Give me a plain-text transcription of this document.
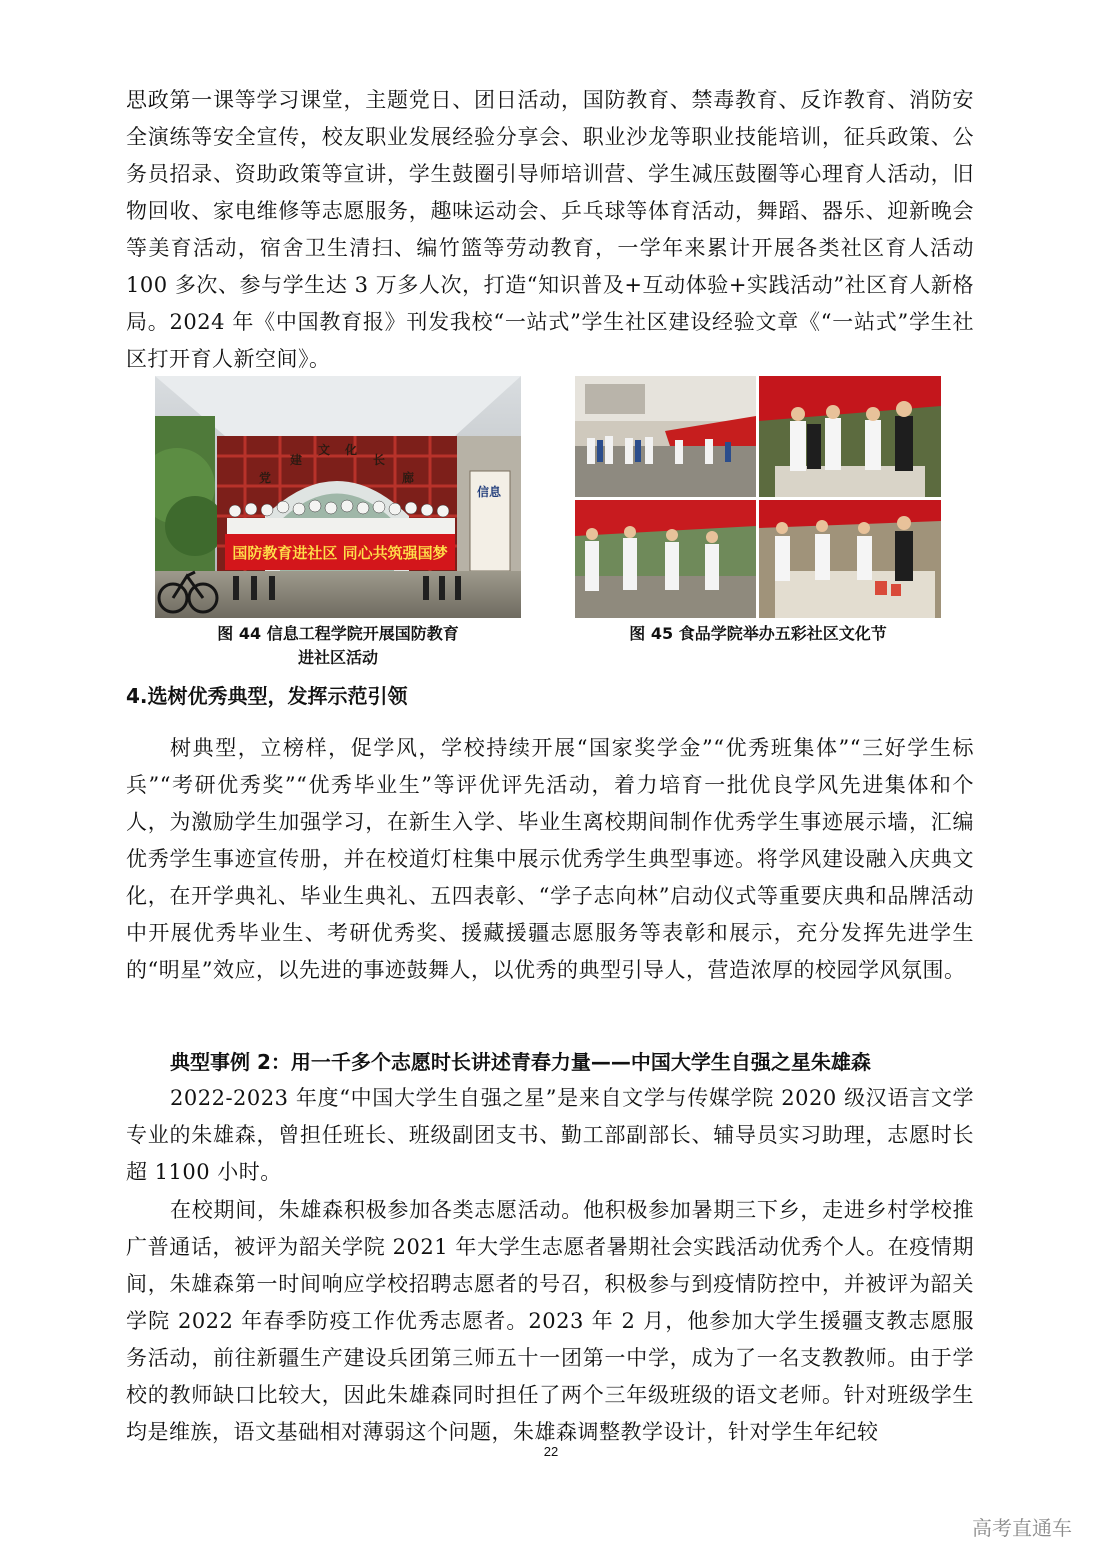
思政第一课等学习课堂，主题党日、团日活动，国防教育、禁毒教育、反诈教育、消防安全演练等安全宣传，校友职业发展经验分享会、职业沙龙等职业技能培训，征兵政策、公务员招录、资助政策等宣讲，学生鼓圈引导师培训营、学生减压鼓圈等心理育人活动，旧物回收、家电维修等志愿服务，趣味运动会、乒乓球等体育活动，舞蹈、器乐、迎新晚会等美育活动，宿舍卫生清扫、编竹篮等劳动教育，一学年来累计开展各类社区育人活动 100 多次、参与学生达 3 万多人次，打造“知识普及+互动体验+实践活动”社区育人新格局。2024 年《中国教育报》刊发我校“一站式”学生社区建设经验文章《“一站式”学生社区打开育人新空间》。

党
建
文 化
长
廊
信息
国防教育进社区 同心共筑强国梦

图 44 信息工程学院开展国防教育

进社区活动

图 45 食品学院举办五彩社区文化节

4.选树优秀典型，发挥示范引领

树典型，立榜样，促学风，学校持续开展“国家奖学金”“优秀班集体”“三好学生标兵”“考研优秀奖”“优秀毕业生”等评优评先活动，着力培育一批优良学风先进集体和个人，为激励学生加强学习，在新生入学、毕业生离校期间制作优秀学生事迹展示墙，汇编优秀学生事迹宣传册，并在校道灯柱集中展示优秀学生典型事迹。将学风建设融入庆典文化，在开学典礼、毕业生典礼、五四表彰、“学子志向林”启动仪式等重要庆典和品牌活动中开展优秀毕业生、考研优秀奖、援藏援疆志愿服务等表彰和展示，充分发挥先进学生的“明星”效应，以先进的事迹鼓舞人，以优秀的典型引导人，营造浓厚的校园学风氛围。

典型事例 2：用一千多个志愿时长讲述青春力量——中国大学生自强之星朱雄森

2022-2023 年度“中国大学生自强之星”是来自文学与传媒学院 2020 级汉语言文学专业的朱雄森，曾担任班长、班级副团支书、勤工部副部长、辅导员实习助理，志愿时长超 1100 小时。

在校期间，朱雄森积极参加各类志愿活动。他积极参加暑期三下乡，走进乡村学校推广普通话，被评为韶关学院 2021 年大学生志愿者暑期社会实践活动优秀个人。在疫情期间，朱雄森第一时间响应学校招聘志愿者的号召，积极参与到疫情防控中，并被评为韶关学院 2022 年春季防疫工作优秀志愿者。2023 年 2 月，他参加大学生援疆支教志愿服务活动，前往新疆生产建设兵团第三师五十一团第一中学，成为了一名支教教师。由于学校的教师缺口比较大，因此朱雄森同时担任了两个三年级班级的语文老师。针对班级学生均是维族，语文基础相对薄弱这个问题，朱雄森调整教学设计，针对学生年纪较

22
高考直通车
